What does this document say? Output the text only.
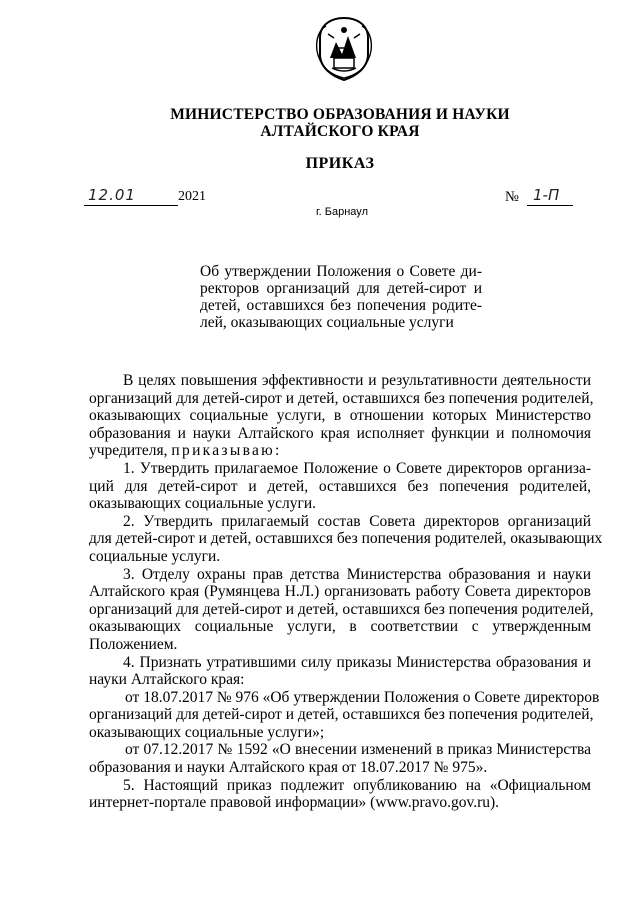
МИНИСТЕРСТВО ОБРАЗОВАНИЯ И НАУКИ
АЛТАЙСКОГО КРАЯ
ПРИКАЗ
12.01	2021	№ 1-П
г. Барнаул
Об утверждении Положения о Совете ди-
ректоров организаций для детей-сирот и
детей, оставшихся без попечения родите-
лей, оказывающих социальные услуги
В целях повышения эффективности и результативности деятельности
организаций для детей-сирот и детей, оставшихся без попечения родителей,
оказывающих социальные услуги, в отношении которых Министерство
образования и науки Алтайского края исполняет функции и полномочия
учредителя, приказываю:
1. Утвердить прилагаемое Положение о Совете директоров организа-
ций для детей-сирот и детей, оставшихся без попечения родителей,
оказывающих социальные услуги.
2. Утвердить прилагаемый состав Совета директоров организаций
для детей-сирот и детей, оставшихся без попечения родителей, оказывающих
социальные услуги.
3. Отделу охраны прав детства Министерства образования и науки
Алтайского края (Румянцева Н.Л.) организовать работу Совета директоров
организаций для детей-сирот и детей, оставшихся без попечения родителей,
оказывающих социальные услуги, в соответствии с утвержденным
Положением.
4. Признать утратившими силу приказы Министерства образования и
науки Алтайского края:
от 18.07.2017 № 976 «Об утверждении Положения о Совете директоров
организаций для детей-сирот и детей, оставшихся без попечения родителей,
оказывающих социальные услуги»;
от 07.12.2017 № 1592 «О внесении изменений в приказ Министерства
образования и науки Алтайского края от 18.07.2017 № 975».
5. Настоящий приказ подлежит опубликованию на «Официальном
интернет-портале правовой информации» (www.pravo.gov.ru).
